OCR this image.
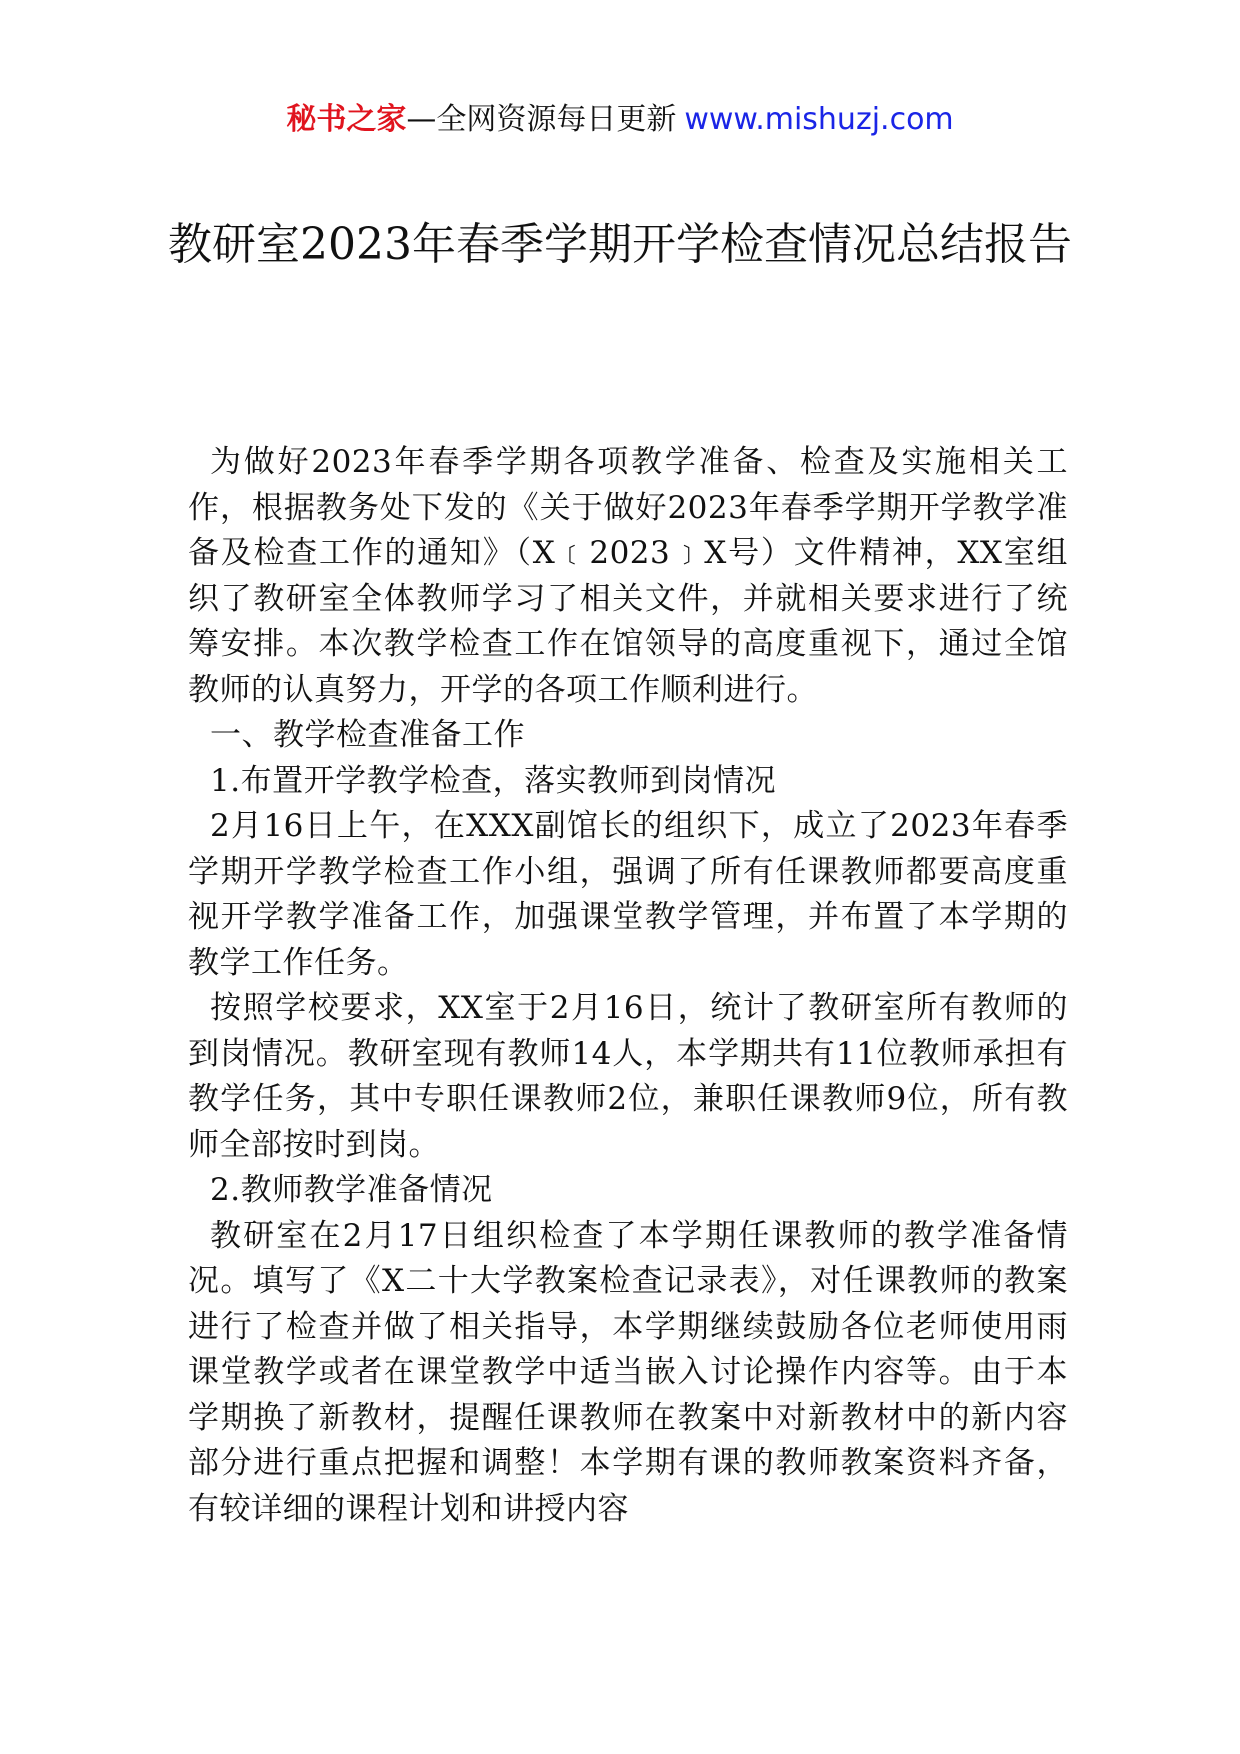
秘书之家—全网资源每日更新 www.mishuzj.com
教研室2023年春季学期开学检查情况总结报告

为做好2023年春季学期各项教学准备、检查及实施相关工作，根据教务处下发的《关于做好2023年春季学期开学教学准备及检查工作的通知》（X﹝2023﹞X号）文件精神，XX室组织了教研室全体教师学习了相关文件，并就相关要求进行了统筹安排。本次教学检查工作在馆领导的高度重视下，通过全馆教师的认真努力，开学的各项工作顺利进行。

一、教学检查准备工作

1.布置开学教学检查，落实教师到岗情况

2月16日上午，在XXX副馆长的组织下，成立了2023年春季学期开学教学检查工作小组，强调了所有任课教师都要高度重视开学教学准备工作，加强课堂教学管理，并布置了本学期的教学工作任务。

按照学校要求，XX室于2月16日，统计了教研室所有教师的到岗情况。教研室现有教师14人，本学期共有11位教师承担有教学任务，其中专职任课教师2位，兼职任课教师9位，所有教师全部按时到岗。

2.教师教学准备情况

教研室在2月17日组织检查了本学期任课教师的教学准备情况。填写了《X二十大学教案检查记录表》，对任课教师的教案进行了检查并做了相关指导，本学期继续鼓励各位老师使用雨课堂教学或者在课堂教学中适当嵌入讨论操作内容等。由于本学期换了新教材，提醒任课教师在教案中对新教材中的新内容部分进行重点把握和调整！本学期有课的教师教案资料齐备，有较详细的课程计划和讲授内容
